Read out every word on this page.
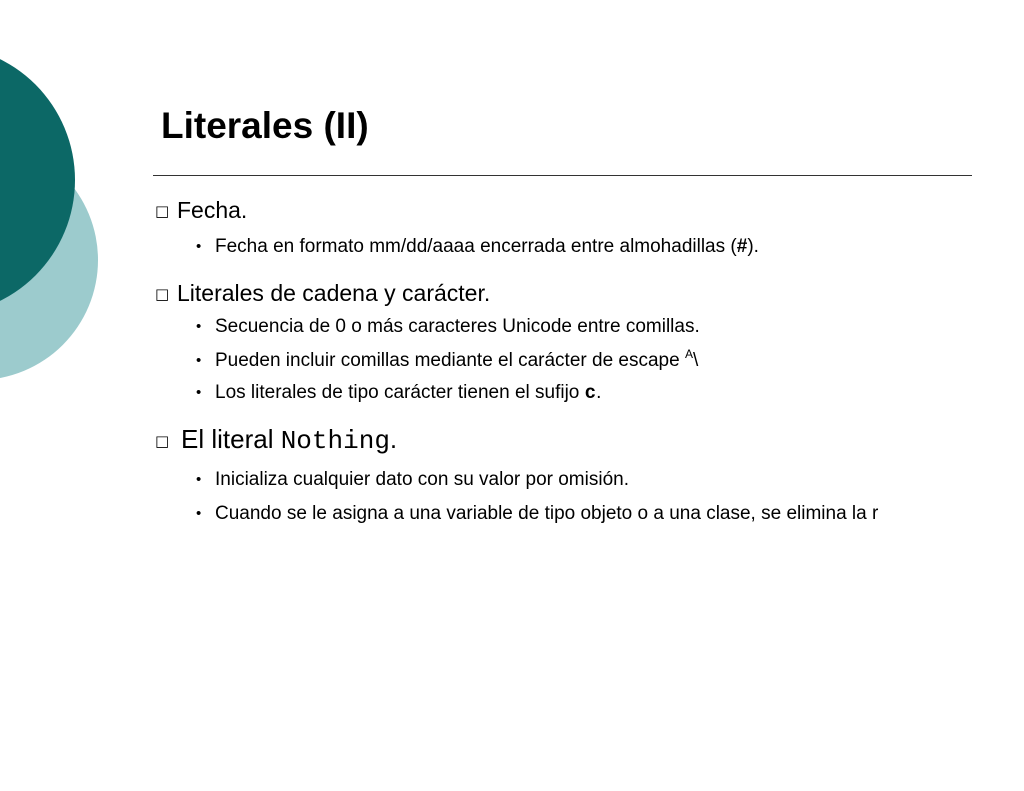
Literales (II)
□ Fecha.
• Fecha en formato mm/dd/aaaa encerrada entre almohadillas (#).
□ Literales de cadena y carácter.
• Secuencia de 0 o más caracteres Unicode entre comillas.
• Pueden incluir comillas mediante el carácter de escape $^A$\
• Los literales de tipo carácter tienen el sufijo c.
□ El literal Nothing.
• Inicializa cualquier dato con su valor por omisión.
• Cuando se le asigna a una variable de tipo objeto o a una clase, se elimina la r
